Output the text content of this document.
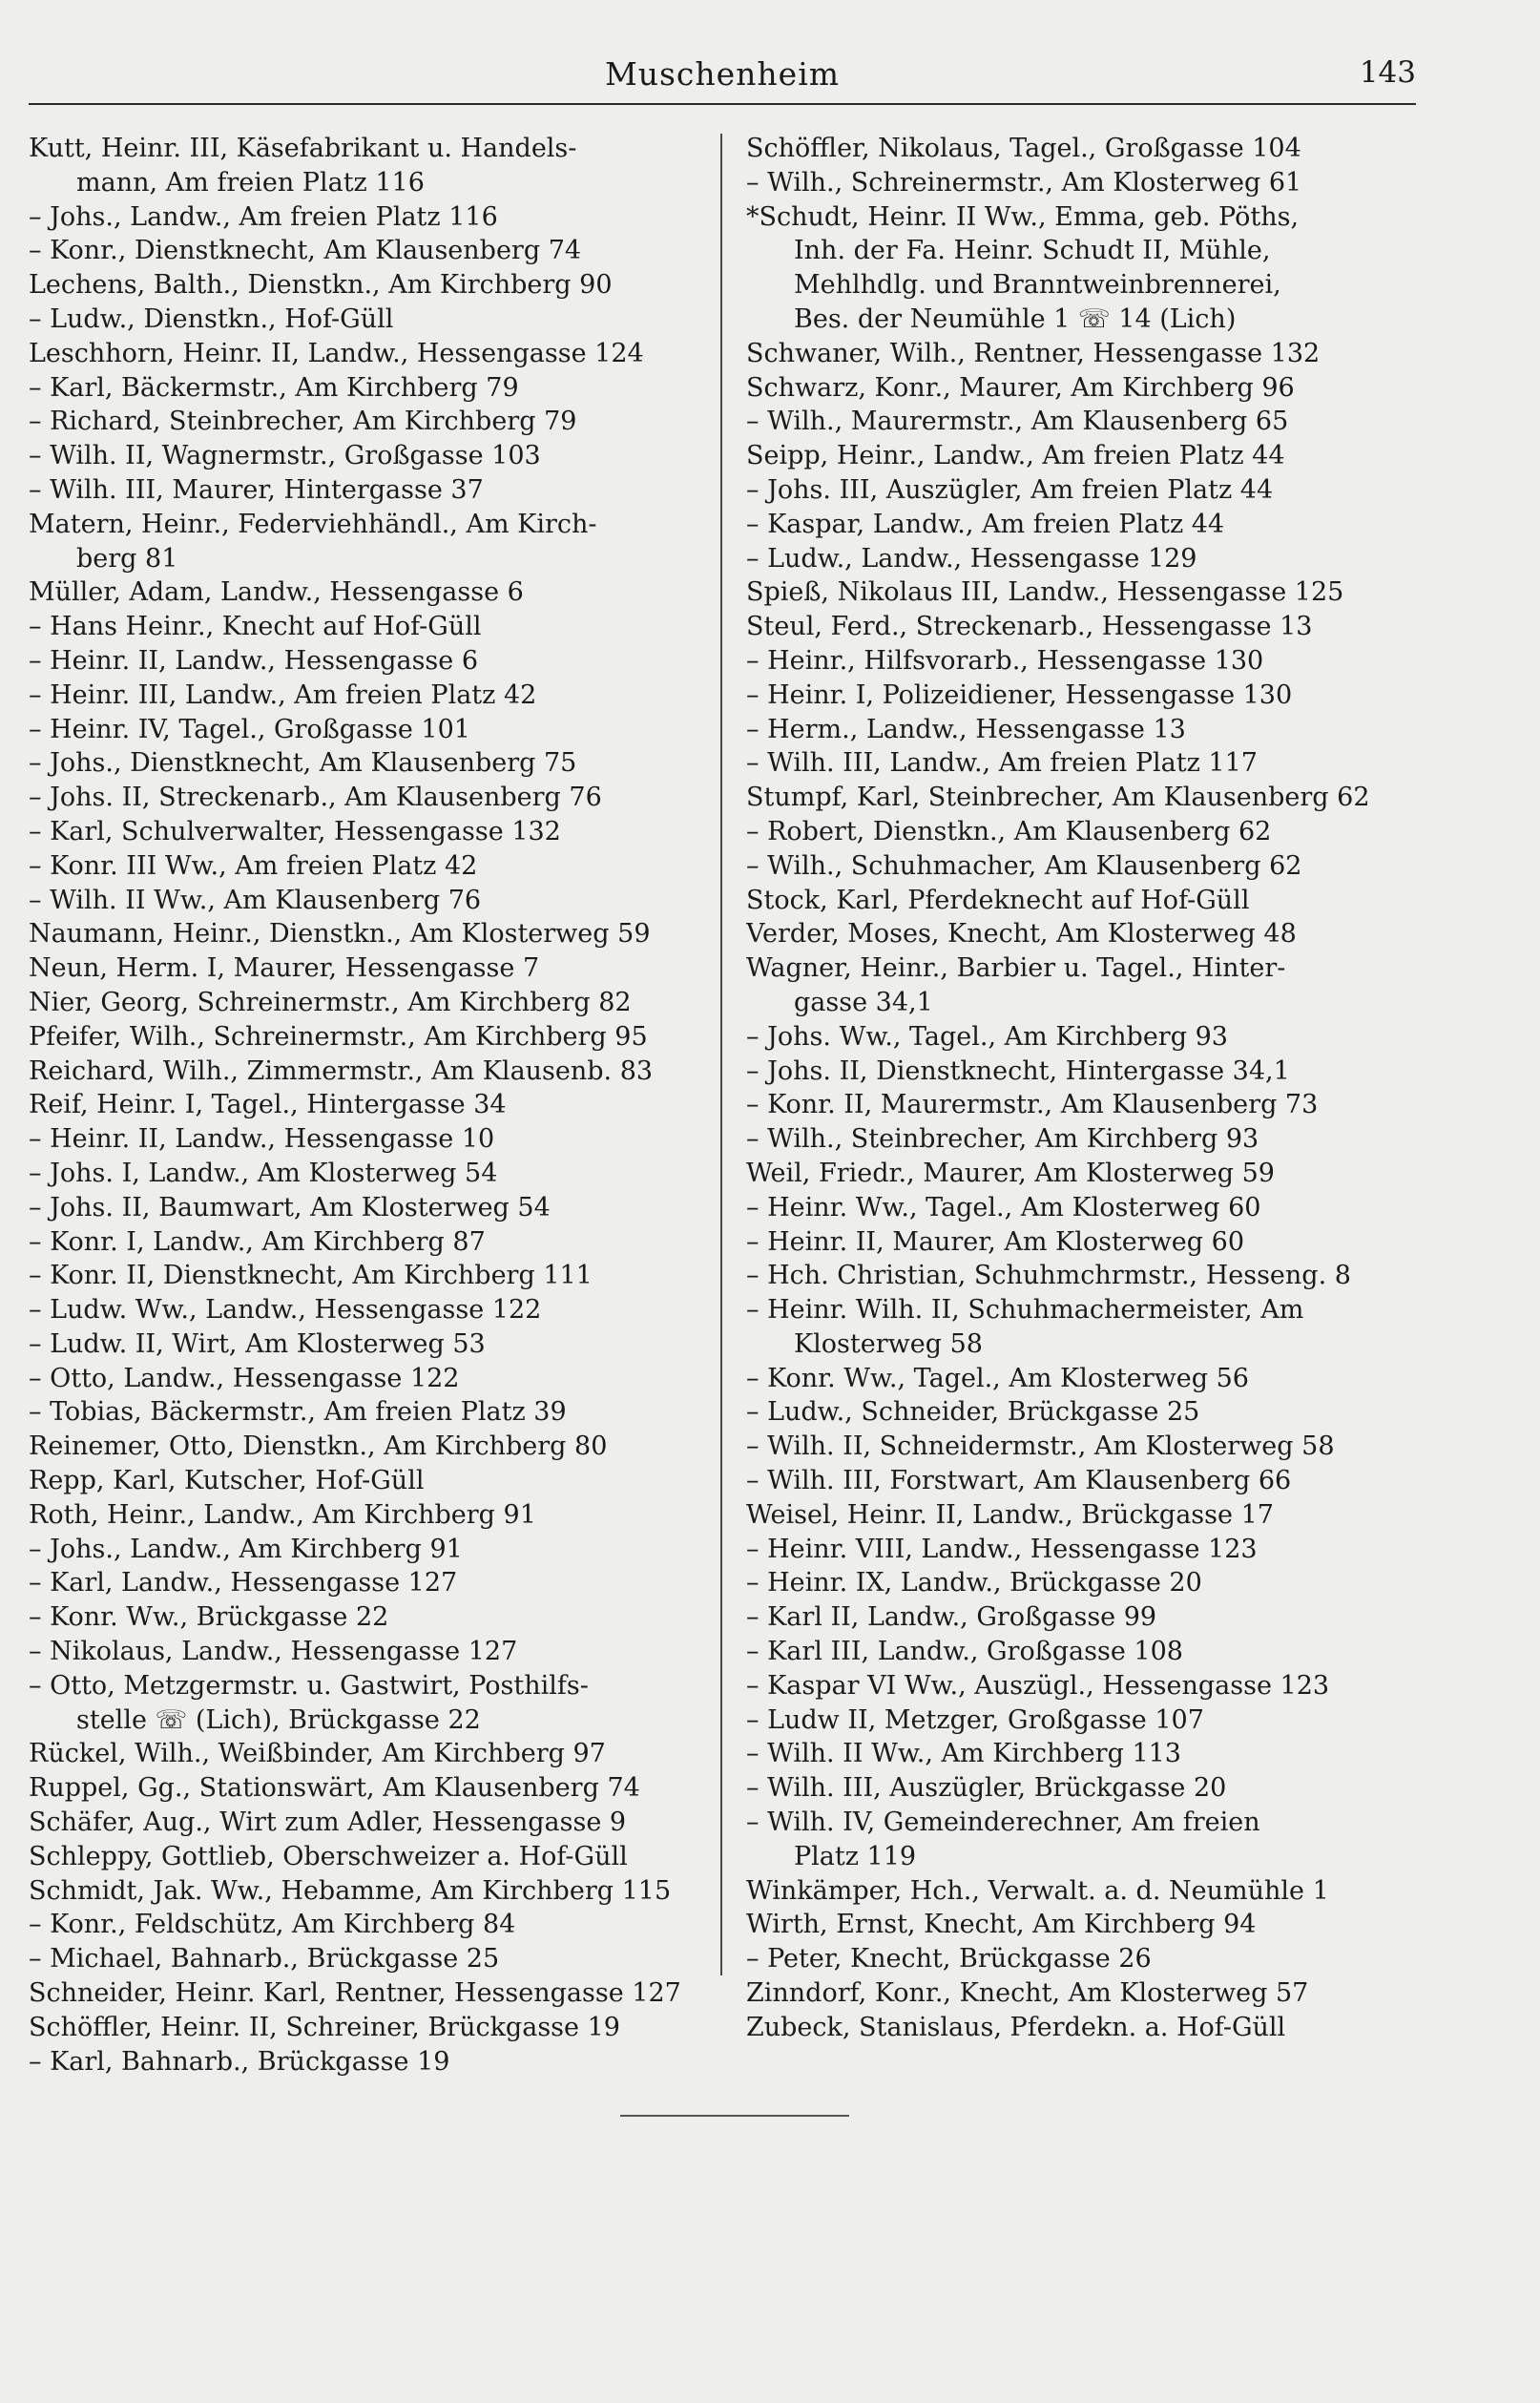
Muschenheim	143
Kutt, Heinr. III, Käsefabrikant u. Handels-
mann, Am freien Platz 116
– Johs., Landw., Am freien Platz 116
– Konr., Dienstknecht, Am Klausenberg 74
Lechens, Balth., Dienstkn., Am Kirchberg 90
– Ludw., Dienstkn., Hof-Güll
Leschhorn, Heinr. II, Landw., Hessengasse 124
– Karl, Bäckermstr., Am Kirchberg 79
– Richard, Steinbrecher, Am Kirchberg 79
– Wilh. II, Wagnermstr., Großgasse 103
– Wilh. III, Maurer, Hintergasse 37
Matern, Heinr., Federviehhändl., Am Kirch-
berg 81
Müller, Adam, Landw., Hessengasse 6
– Hans Heinr., Knecht auf Hof-Güll
– Heinr. II, Landw., Hessengasse 6
– Heinr. III, Landw., Am freien Platz 42
– Heinr. IV, Tagel., Großgasse 101
– Johs., Dienstknecht, Am Klausenberg 75
– Johs. II, Streckenarb., Am Klausenberg 76
– Karl, Schulverwalter, Hessengasse 132
– Konr. III Ww., Am freien Platz 42
– Wilh. II Ww., Am Klausenberg 76
Naumann, Heinr., Dienstkn., Am Klosterweg 59
Neun, Herm. I, Maurer, Hessengasse 7
Nier, Georg, Schreinermstr., Am Kirchberg 82
Pfeifer, Wilh., Schreinermstr., Am Kirchberg 95
Reichard, Wilh., Zimmermstr., Am Klausenb. 83
Reif, Heinr. I, Tagel., Hintergasse 34
– Heinr. II, Landw., Hessengasse 10
– Johs. I, Landw., Am Klosterweg 54
– Johs. II, Baumwart, Am Klosterweg 54
– Konr. I, Landw., Am Kirchberg 87
– Konr. II, Dienstknecht, Am Kirchberg 111
– Ludw. Ww., Landw., Hessengasse 122
– Ludw. II, Wirt, Am Klosterweg 53
– Otto, Landw., Hessengasse 122
– Tobias, Bäckermstr., Am freien Platz 39
Reinemer, Otto, Dienstkn., Am Kirchberg 80
Repp, Karl, Kutscher, Hof-Güll
Roth, Heinr., Landw., Am Kirchberg 91
– Johs., Landw., Am Kirchberg 91
– Karl, Landw., Hessengasse 127
– Konr. Ww., Brückgasse 22
– Nikolaus, Landw., Hessengasse 127
– Otto, Metzgermstr. u. Gastwirt, Posthilfs-
stelle ☏ (Lich), Brückgasse 22
Rückel, Wilh., Weißbinder, Am Kirchberg 97
Ruppel, Gg., Stationswärt, Am Klausenberg 74
Schäfer, Aug., Wirt zum Adler, Hessengasse 9
Schleppy, Gottlieb, Oberschweizer a. Hof-Güll
Schmidt, Jak. Ww., Hebamme, Am Kirchberg 115
– Konr., Feldschütz, Am Kirchberg 84
– Michael, Bahnarb., Brückgasse 25
Schneider, Heinr. Karl, Rentner, Hessengasse 127
Schöffler, Heinr. II, Schreiner, Brückgasse 19
– Karl, Bahnarb., Brückgasse 19
Schöffler, Nikolaus, Tagel., Großgasse 104
– Wilh., Schreinermstr., Am Klosterweg 61
*Schudt, Heinr. II Ww., Emma, geb. Pöths,
Inh. der Fa. Heinr. Schudt II, Mühle,
Mehlhdlg. und Branntweinbrennerei,
Bes. der Neumühle 1 ☏ 14 (Lich)
Schwaner, Wilh., Rentner, Hessengasse 132
Schwarz, Konr., Maurer, Am Kirchberg 96
– Wilh., Maurermstr., Am Klausenberg 65
Seipp, Heinr., Landw., Am freien Platz 44
– Johs. III, Auszügler, Am freien Platz 44
– Kaspar, Landw., Am freien Platz 44
– Ludw., Landw., Hessengasse 129
Spieß, Nikolaus III, Landw., Hessengasse 125
Steul, Ferd., Streckenarb., Hessengasse 13
– Heinr., Hilfsvorarb., Hessengasse 130
– Heinr. I, Polizeidiener, Hessengasse 130
– Herm., Landw., Hessengasse 13
– Wilh. III, Landw., Am freien Platz 117
Stumpf, Karl, Steinbrecher, Am Klausenberg 62
– Robert, Dienstkn., Am Klausenberg 62
– Wilh., Schuhmacher, Am Klausenberg 62
Stock, Karl, Pferdeknecht auf Hof-Güll
Verder, Moses, Knecht, Am Klosterweg 48
Wagner, Heinr., Barbier u. Tagel., Hinter-
gasse 34,1
– Johs. Ww., Tagel., Am Kirchberg 93
– Johs. II, Dienstknecht, Hintergasse 34,1
– Konr. II, Maurermstr., Am Klausenberg 73
– Wilh., Steinbrecher, Am Kirchberg 93
Weil, Friedr., Maurer, Am Klosterweg 59
– Heinr. Ww., Tagel., Am Klosterweg 60
– Heinr. II, Maurer, Am Klosterweg 60
– Hch. Christian, Schuhmchrmstr., Hesseng. 8
– Heinr. Wilh. II, Schuhmachermeister, Am
Klosterweg 58
– Konr. Ww., Tagel., Am Klosterweg 56
– Ludw., Schneider, Brückgasse 25
– Wilh. II, Schneidermstr., Am Klosterweg 58
– Wilh. III, Forstwart, Am Klausenberg 66
Weisel, Heinr. II, Landw., Brückgasse 17
– Heinr. VIII, Landw., Hessengasse 123
– Heinr. IX, Landw., Brückgasse 20
– Karl II, Landw., Großgasse 99
– Karl III, Landw., Großgasse 108
– Kaspar VI Ww., Auszügl., Hessengasse 123
– Ludw II, Metzger, Großgasse 107
– Wilh. II Ww., Am Kirchberg 113
– Wilh. III, Auszügler, Brückgasse 20
– Wilh. IV, Gemeinderechner, Am freien
Platz 119
Winkämper, Hch., Verwalt. a. d. Neumühle 1
Wirth, Ernst, Knecht, Am Kirchberg 94
– Peter, Knecht, Brückgasse 26
Zinndorf, Konr., Knecht, Am Klosterweg 57
Zubeck, Stanislaus, Pferdekn. a. Hof-Güll
